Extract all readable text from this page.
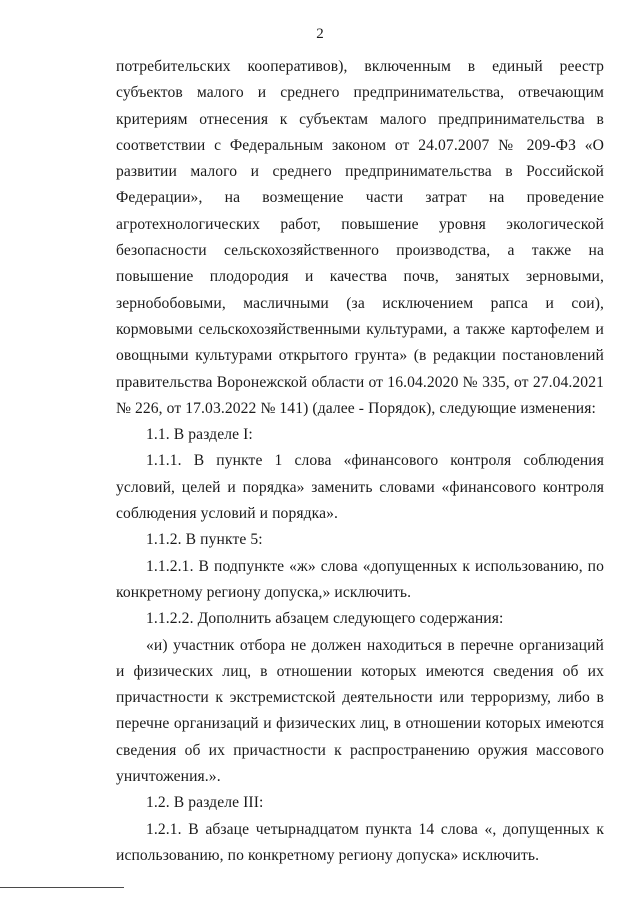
2

потребительских кооперативов), включенным в единый реестр субъектов малого и среднего предпринимательства, отвечающим критериям отнесения к субъектам малого предпринимательства в соответствии с Федеральным законом от 24.07.2007 № 209-ФЗ «О развитии малого и среднего предпринимательства в Российской Федерации», на возмещение части затрат на проведение агротехнологических работ, повышение уровня экологической безопасности сельскохозяйственного производства, а также на повышение плодородия и качества почв, занятых зерновыми, зернобобовыми, масличными (за исключением рапса и сои), кормовыми сельскохозяйственными культурами, а также картофелем и овощными культурами открытого грунта» (в редакции постановлений правительства Воронежской области от 16.04.2020 № 335, от 27.04.2021 № 226, от 17.03.2022 № 141) (далее - Порядок), следующие изменения:

1.1. В разделе I:

1.1.1. В пункте 1 слова «финансового контроля соблюдения условий, целей и порядка» заменить словами «финансового контроля соблюдения условий и порядка».

1.1.2. В пункте 5:

1.1.2.1. В подпункте «ж» слова «допущенных к использованию, по конкретному региону допуска,» исключить.

1.1.2.2. Дополнить абзацем следующего содержания:

«и) участник отбора не должен находиться в перечне организаций и физических лиц, в отношении которых имеются сведения об их причастности к экстремистской деятельности или терроризму, либо в перечне организаций и физических лиц, в отношении которых имеются сведения об их причастности к распространению оружия массового уничтожения.».

1.2. В разделе III:

1.2.1. В абзаце четырнадцатом пункта 14 слова «, допущенных к использованию, по конкретному региону допуска» исключить.
